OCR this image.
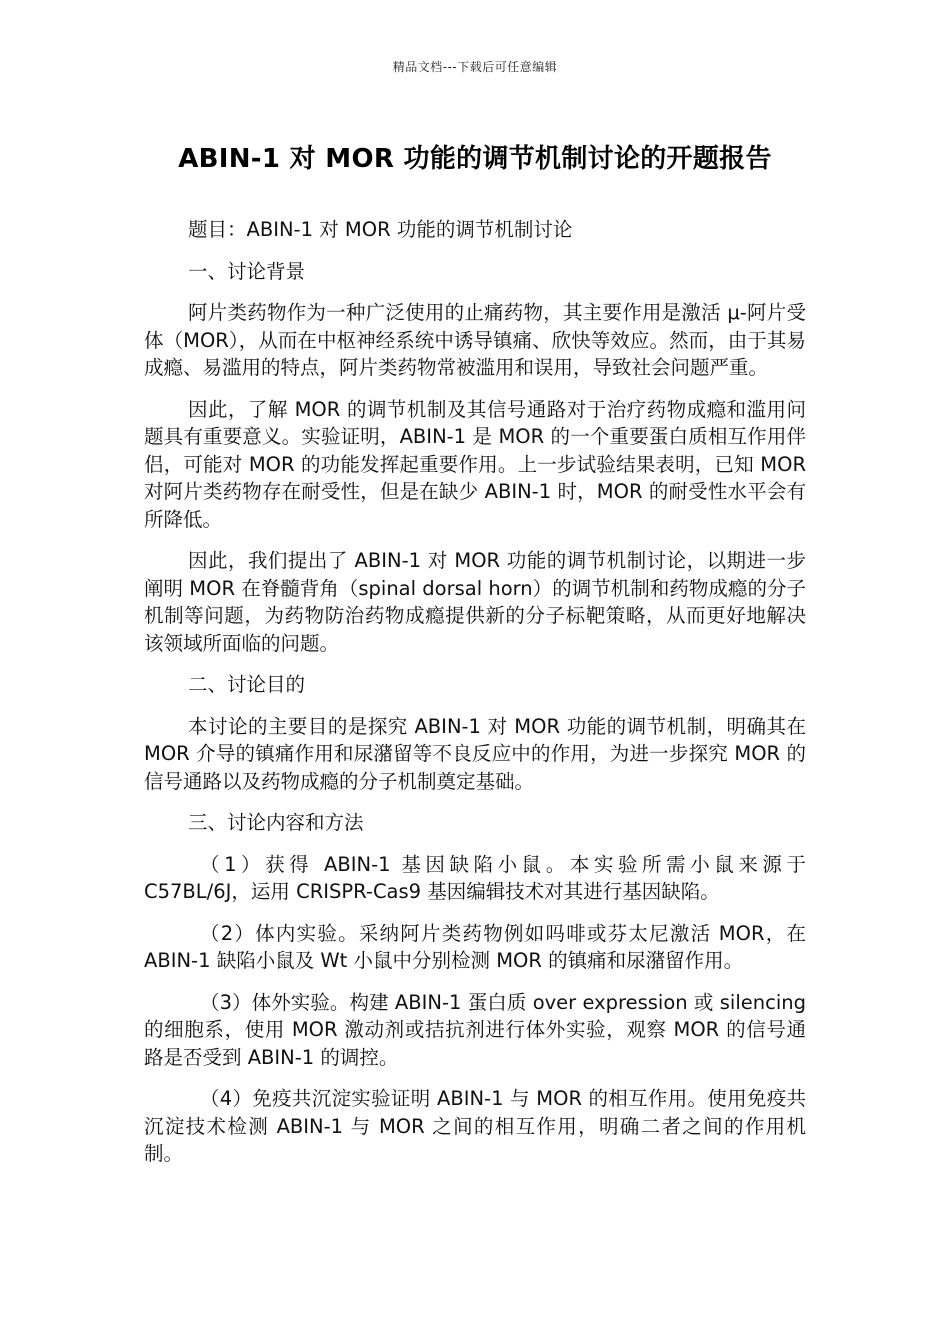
精品文档---下载后可任意编辑
ABIN-1 对 MOR 功能的调节机制讨论的开题报告

题目：ABIN-1 对 MOR 功能的调节机制讨论

一、讨论背景

阿片类药物作为一种广泛使用的止痛药物，其主要作用是激活 μ-阿片受体（MOR），从而在中枢神经系统中诱导镇痛、欣快等效应。然而，由于其易成瘾、易滥用的特点，阿片类药物常被滥用和误用，导致社会问题严重。

因此，了解 MOR 的调节机制及其信号通路对于治疗药物成瘾和滥用问题具有重要意义。实验证明，ABIN-1 是 MOR 的一个重要蛋白质相互作用伴侣，可能对 MOR 的功能发挥起重要作用。上一步试验结果表明，已知 MOR 对阿片类药物存在耐受性，但是在缺少 ABIN-1 时，MOR 的耐受性水平会有所降低。

因此，我们提出了 ABIN-1 对 MOR 功能的调节机制讨论，以期进一步阐明 MOR 在脊髓背角（spinal dorsal horn）的调节机制和药物成瘾的分子机制等问题，为药物防治药物成瘾提供新的分子标靶策略，从而更好地解决该领域所面临的问题。

二、讨论目的

本讨论的主要目的是探究 ABIN-1 对 MOR 功能的调节机制，明确其在 MOR 介导的镇痛作用和尿潴留等不良反应中的作用，为进一步探究 MOR 的信号通路以及药物成瘾的分子机制奠定基础。

三、讨论内容和方法

（1）获得 ABIN-1 基因缺陷小鼠。本实验所需小鼠来源于 C57BL/6J，运用 CRISPR-Cas9 基因编辑技术对其进行基因缺陷。

（2）体内实验。采纳阿片类药物例如吗啡或芬太尼激活 MOR，在 ABIN-1 缺陷小鼠及 Wt 小鼠中分别检测 MOR 的镇痛和尿潴留作用。

（3）体外实验。构建 ABIN-1 蛋白质 over expression 或 silencing 的细胞系，使用 MOR 激动剂或拮抗剂进行体外实验，观察 MOR 的信号通路是否受到 ABIN-1 的调控。

（4）免疫共沉淀实验证明 ABIN-1 与 MOR 的相互作用。使用免疫共沉淀技术检测 ABIN-1 与 MOR 之间的相互作用，明确二者之间的作用机制。
